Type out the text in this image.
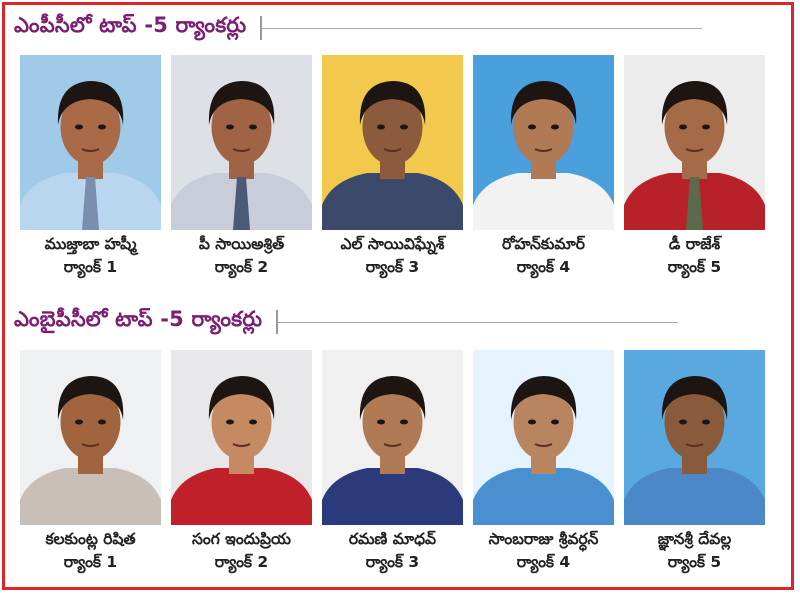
ఎంపీసీలో టాప్ -5 ర్యాంకర్లు
ముజ్తాబా హష్మీ
ర్యాంక్ 1
పీ సాయిఅశ్రిత్
ర్యాంక్ 2
ఎల్ సాయివిఘ్నేశ్
ర్యాంక్ 3
రోహన్‌కుమార్
ర్యాంక్ 4
డీ రాజేశ్
ర్యాంక్ 5
ఎంబైపీసీలో టాప్ -5 ర్యాంకర్లు
కలకుంట్ల రిషిత
ర్యాంక్ 1
సంగ ఇందుప్రియ
ర్యాంక్ 2
రమణి మాధవ్
ర్యాంక్ 3
సాంబరాజు శ్రీవర్ధన్
ర్యాంక్ 4
జ్ఞానశ్రీ దేవల్ల
ర్యాంక్ 5
